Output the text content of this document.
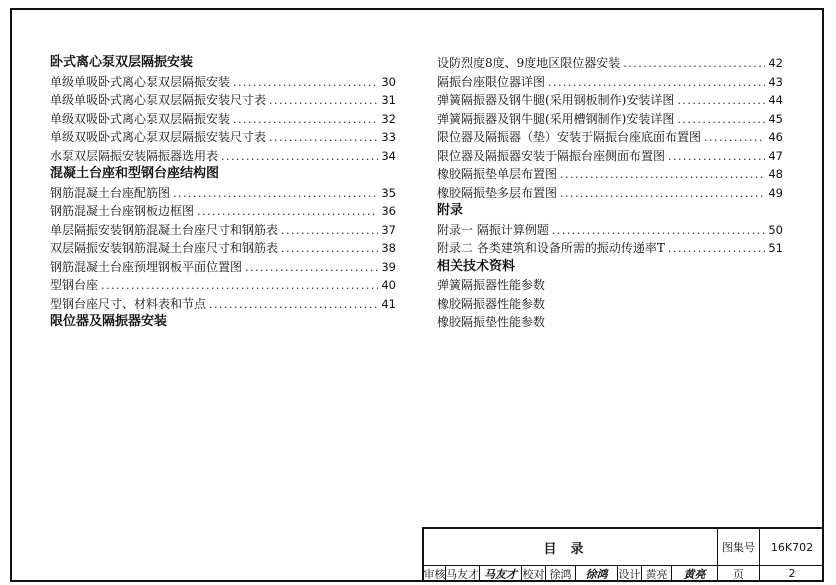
卧式离心泵双层隔振安装
单级单吸卧式离心泵双层隔振安装 .....	30
单级单吸卧式离心泵双层隔振安装尺寸表 .....	31
单级双吸卧式离心泵双层隔振安装 .....	32
单级双吸卧式离心泵双层隔振安装尺寸表 .....	33
水泵双层隔振安装隔振器选用表 .....	34
混凝土台座和型钢台座结构图
钢筋混凝土台座配筋图 .....	35
钢筋混凝土台座钢板边框图 .....	36
单层隔振安装钢筋混凝土台座尺寸和钢筋表 .....	37
双层隔振安装钢筋混凝土台座尺寸和钢筋表 .....	38
钢筋混凝土台座预埋钢板平面位置图 .....	39
型钢台座 .....	40
型钢台座尺寸、材料表和节点 .....	41
限位器及隔振器安装
设防烈度8度、9度地区限位器安装 .....	42
隔振台座限位器详图 .....	43
弹簧隔振器及钢牛腿(采用钢板制作)安装详图 .....	44
弹簧隔振器及钢牛腿(采用槽钢制作)安装详图 .....	45
限位器及隔振器（垫）安装于隔振台座底面布置图 .....	46
限位器及隔振器安装于隔振台座侧面布置图 .....	47
橡胶隔振垫单层布置图 .....	48
橡胶隔振垫多层布置图 .....	49
附录
附录一 隔振计算例题 .....	50
附录二 各类建筑和设备所需的振动传递率T .....	51
相关技术资料
弹簧隔振器性能参数
橡胶隔振器性能参数
橡胶隔振垫性能参数
目录	图集号	16K702
审核 马友才 马友才 校对 徐鸿	徐鸿	设计 黄亮	黄亮	页	2
